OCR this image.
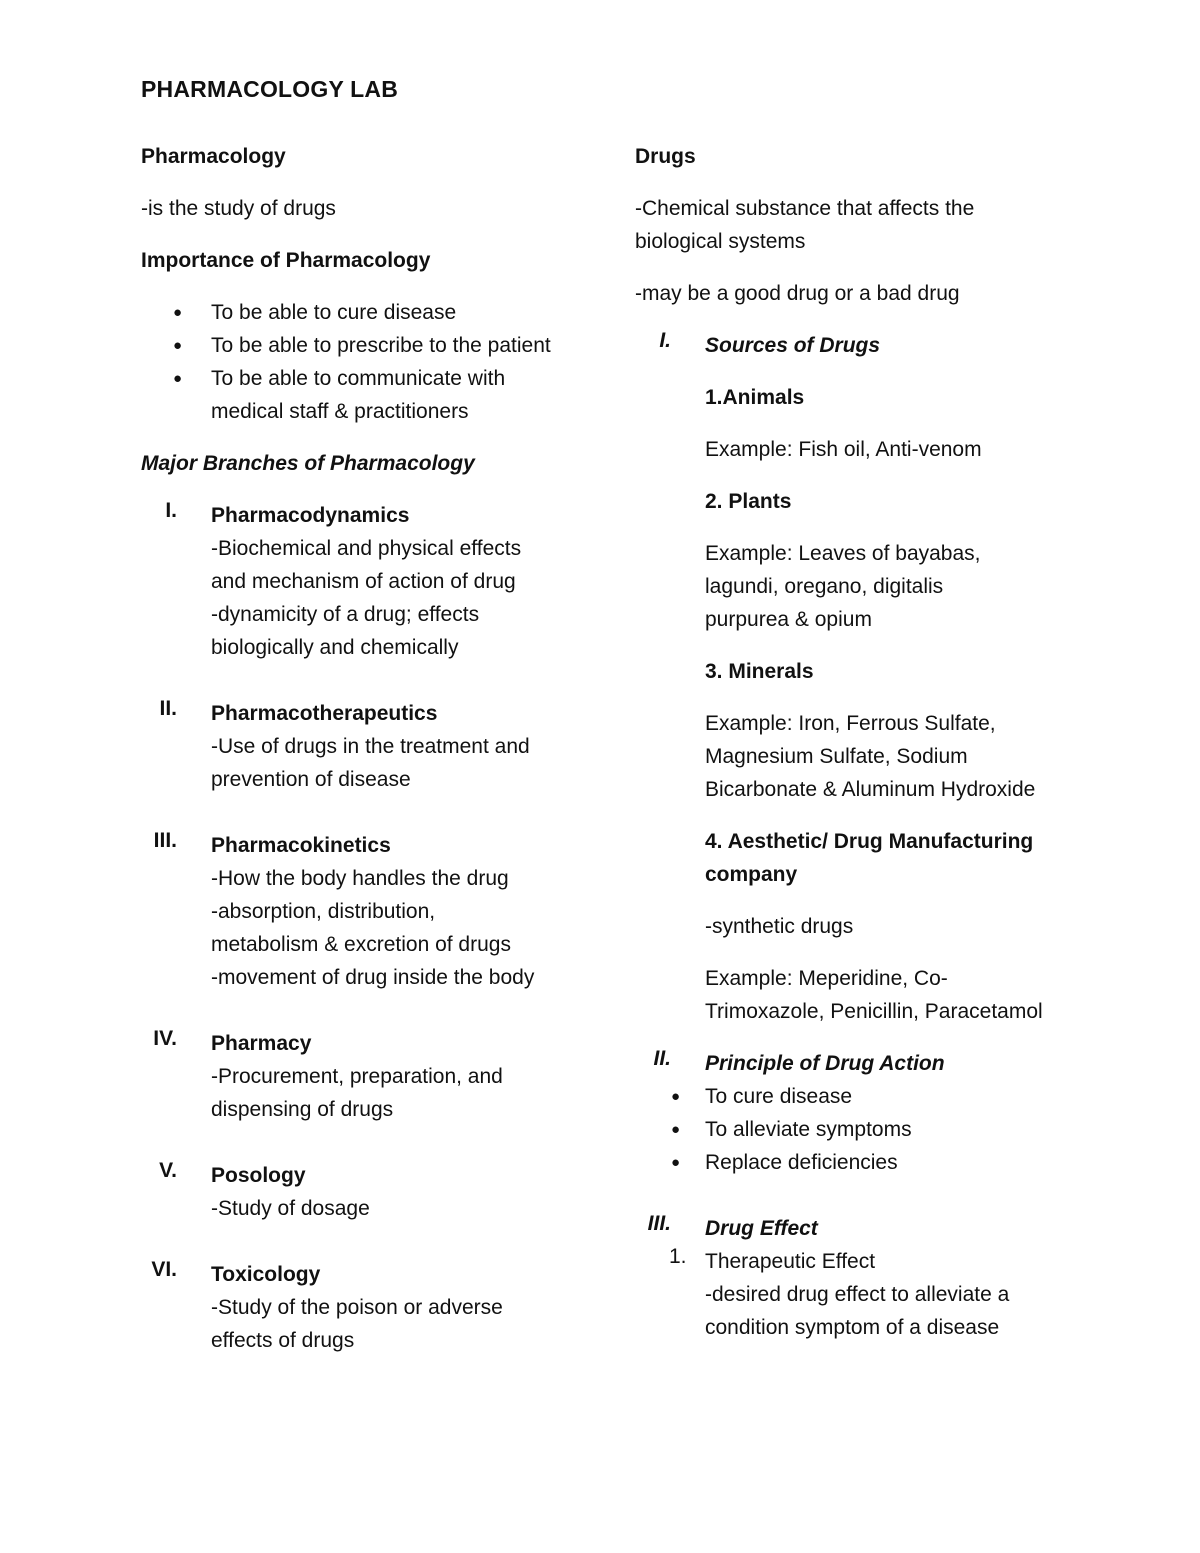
PHARMACOLOGY LAB

Pharmacology

-is the study of drugs

Importance of Pharmacology

● To be able to cure disease
● To be able to prescribe to the patient
● To be able to communicate with
medical staff & practitioners

Major Branches of Pharmacology

I. Pharmacodynamics

-Biochemical and physical effects

and mechanism of action of drug

-dynamicity of a drug; effects

biologically and chemically

II. Pharmacotherapeutics

-Use of drugs in the treatment and

prevention of disease

III. Pharmacokinetics

-How the body handles the drug

-absorption, distribution,

metabolism & excretion of drugs

-movement of drug inside the body

IV. Pharmacy

-Procurement, preparation, and

dispensing of drugs

V. Posology

-Study of dosage

VI. Toxicology

-Study of the poison or adverse

effects of drugs

Drugs

-Chemical substance that affects the

biological systems

-may be a good drug or a bad drug

I. Sources of Drugs

1.Animals

Example: Fish oil, Anti-venom

2. Plants

Example: Leaves of bayabas,

lagundi, oregano, digitalis

purpurea & opium

3. Minerals

Example: Iron, Ferrous Sulfate,

Magnesium Sulfate, Sodium

Bicarbonate & Aluminum Hydroxide

4. Aesthetic/ Drug Manufacturing

company

-synthetic drugs

Example: Meperidine, Co-

Trimoxazole, Penicillin, Paracetamol

II. Principle of Drug Action

● To cure disease
● To alleviate symptoms
● Replace deficiencies
III. Drug Effect

1. Therapeutic Effect

-desired drug effect to alleviate a

condition symptom of a disease
